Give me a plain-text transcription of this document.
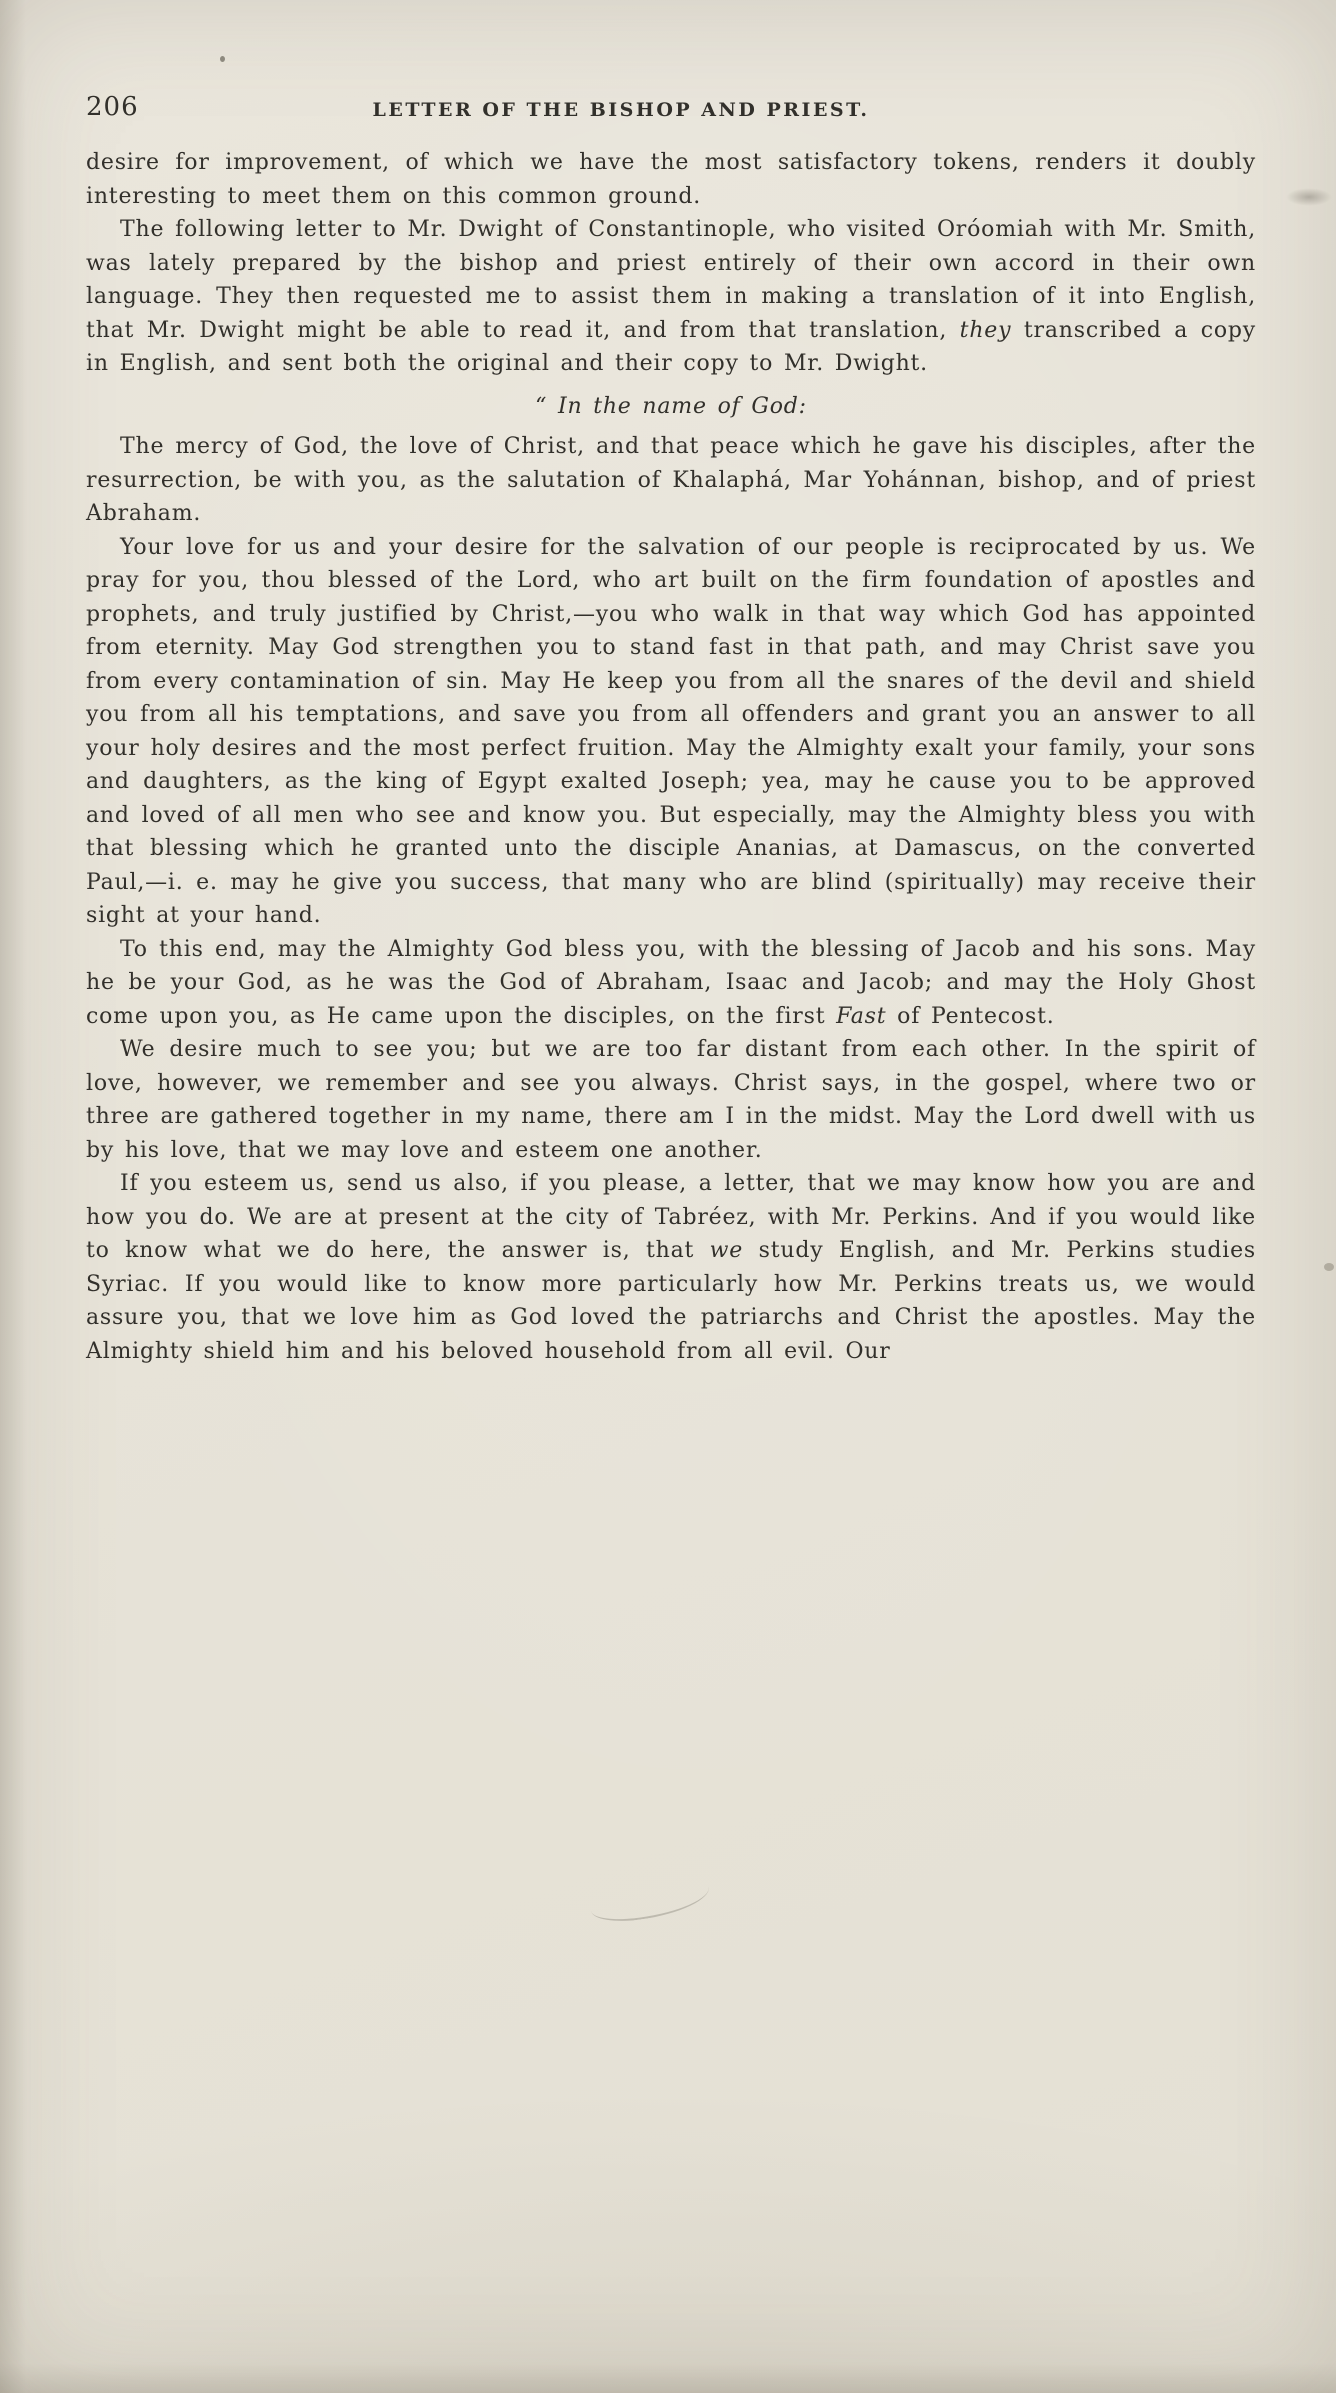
206	LETTER OF THE BISHOP AND PRIEST.

desire for improvement, of which we have the most satisfactory tokens, renders it doubly interesting to meet them on this common ground.

The following letter to Mr. Dwight of Constantinople, who visited Oróomiah with Mr. Smith, was lately prepared by the bishop and priest entirely of their own accord in their own language. They then requested me to assist them in making a translation of it into English, that Mr. Dwight might be able to read it, and from that translation, they transcribed a copy in English, and sent both the original and their copy to Mr. Dwight.

“ In the name of God:

The mercy of God, the love of Christ, and that peace which he gave his disciples, after the resurrection, be with you, as the salutation of Khalaphá, Mar Yohánnan, bishop, and of priest Abraham.

Your love for us and your desire for the salvation of our people is reciprocated by us. We pray for you, thou blessed of the Lord, who art built on the firm foundation of apostles and prophets, and truly justified by Christ,—you who walk in that way which God has appointed from eternity. May God strengthen you to stand fast in that path, and may Christ save you from every contamination of sin. May He keep you from all the snares of the devil and shield you from all his temptations, and save you from all offenders and grant you an answer to all your holy desires and the most perfect fruition. May the Almighty exalt your family, your sons and daughters, as the king of Egypt exalted Joseph; yea, may he cause you to be approved and loved of all men who see and know you. But especially, may the Almighty bless you with that blessing which he granted unto the disciple Ananias, at Damascus, on the converted Paul,—i. e. may he give you success, that many who are blind (spiritually) may receive their sight at your hand.

To this end, may the Almighty God bless you, with the blessing of Jacob and his sons. May he be your God, as he was the God of Abraham, Isaac and Jacob; and may the Holy Ghost come upon you, as He came upon the disciples, on the first Fast of Pentecost.

We desire much to see you; but we are too far distant from each other. In the spirit of love, however, we remember and see you always. Christ says, in the gospel, where two or three are gathered together in my name, there am I in the midst. May the Lord dwell with us by his love, that we may love and esteem one another.

If you esteem us, send us also, if you please, a letter, that we may know how you are and how you do. We are at present at the city of Tabréez, with Mr. Perkins. And if you would like to know what we do here, the answer is, that we study English, and Mr. Perkins studies Syriac. If you would like to know more particularly how Mr. Perkins treats us, we would assure you, that we love him as God loved the patriarchs and Christ the apostles. May the Almighty shield him and his beloved household from all evil. Our
